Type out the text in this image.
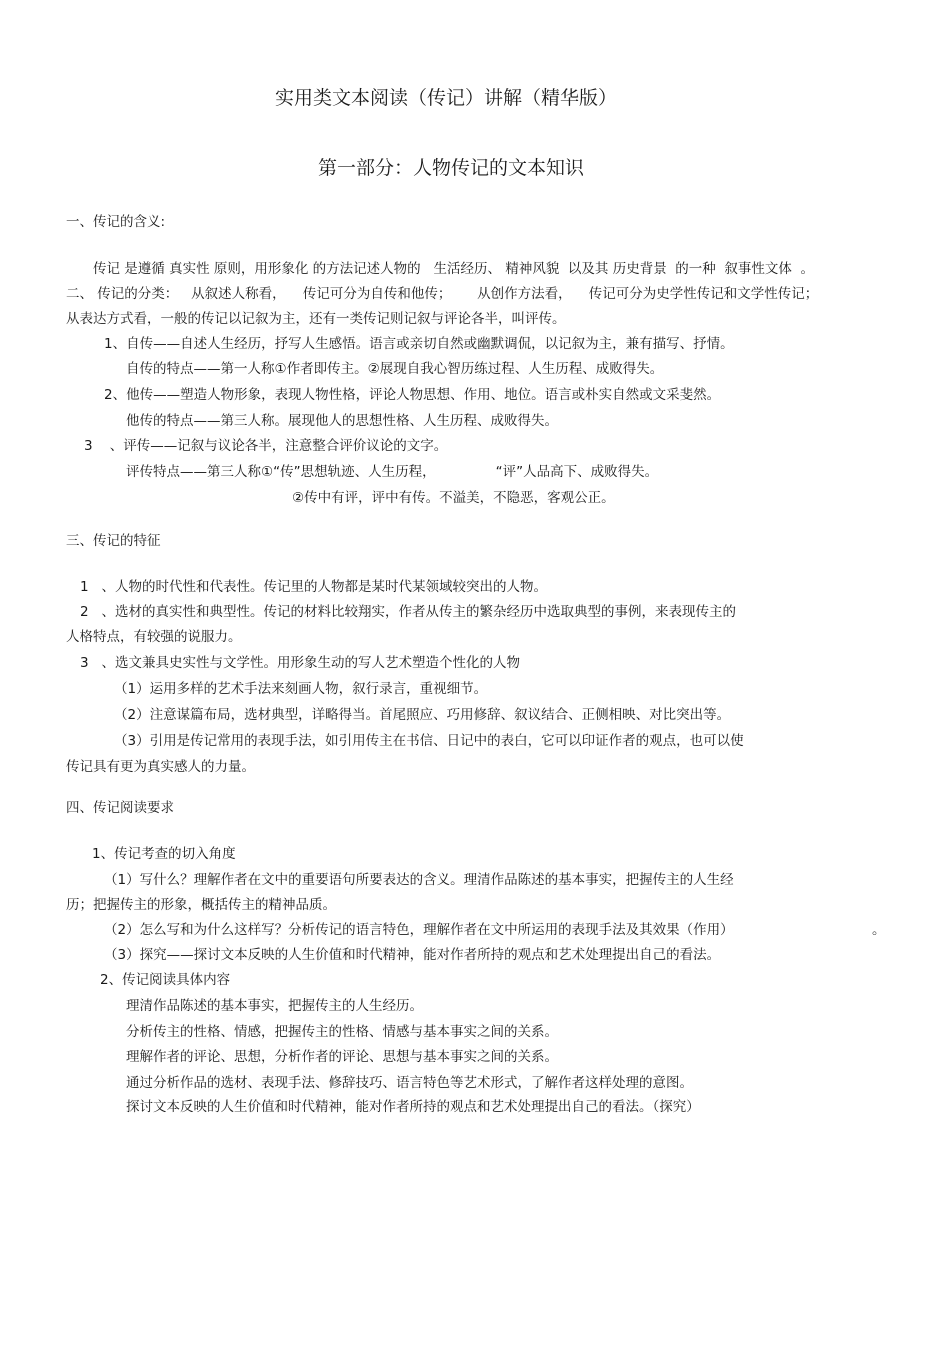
实用类文本阅读（传记）讲解（精华版）
第一部分：人物传记的文本知识
一、传记的含义:
传记 是遵循 真实性 原则，用形象化 的方法记述人物的   生活经历、 精神风貌  以及其 历史背景  的一种  叙事性文体  。
二、 传记的分类：   从叙述人称看，    传记可分为自传和他传；      从创作方法看，    传记可分为史学性传记和文学性传记；
从表达方式看，一般的传记以记叙为主，还有一类传记则记叙与评论各半，叫评传。
1、自传——自述人生经历，抒写人生感悟。语言或亲切自然或幽默调侃，以记叙为主，兼有描写、抒情。
自传的特点——第一人称①作者即传主。②展现自我心智历练过程、人生历程、成败得失。
2、他传——塑造人物形象，表现人物性格，评论人物思想、作用、地位。语言或朴实自然或文采斐然。
他传的特点——第三人称。展现他人的思想性格、人生历程、成败得失。
3    、评传——记叙与议论各半，注意整合评价议论的文字。
评传特点——第三人称①“传”思想轨迹、人生历程，              “评”人品高下、成败得失。
②传中有评，评中有传。不溢美，不隐恶，客观公正。
三、传记的特征
1   、人物的时代性和代表性。传记里的人物都是某时代某领域较突出的人物。
2   、选材的真实性和典型性。传记的材料比较翔实，作者从传主的繁杂经历中选取典型的事例，来表现传主的
人格特点，有较强的说服力。
3   、选文兼具史实性与文学性。用形象生动的写人艺术塑造个性化的人物
（1）运用多样的艺术手法来刻画人物，叙行录言，重视细节。
（2）注意谋篇布局，选材典型，详略得当。首尾照应、巧用修辞、叙议结合、正侧相映、对比突出等。
（3）引用是传记常用的表现手法，如引用传主在书信、日记中的表白，它可以印证作者的观点，也可以使
传记具有更为真实感人的力量。
四、传记阅读要求
1、传记考查的切入角度
（1）写什么？理解作者在文中的重要语句所要表达的含义。理清作品陈述的基本事实，把握传主的人生经
历；把握传主的形象，概括传主的精神品质。
（2）怎么写和为什么这样写？分析传记的语言特色，理解作者在文中所运用的表现手法及其效果（作用）	。
（3）探究——探讨文本反映的人生价值和时代精神，能对作者所持的观点和艺术处理提出自己的看法。
2、传记阅读具体内容
理清作品陈述的基本事实，把握传主的人生经历。
分析传主的性格、情感，把握传主的性格、情感与基本事实之间的关系。
理解作者的评论、思想，分析作者的评论、思想与基本事实之间的关系。
通过分析作品的选材、表现手法、修辞技巧、语言特色等艺术形式，了解作者这样处理的意图。
探讨文本反映的人生价值和时代精神，能对作者所持的观点和艺术处理提出自己的看法。（探究）
